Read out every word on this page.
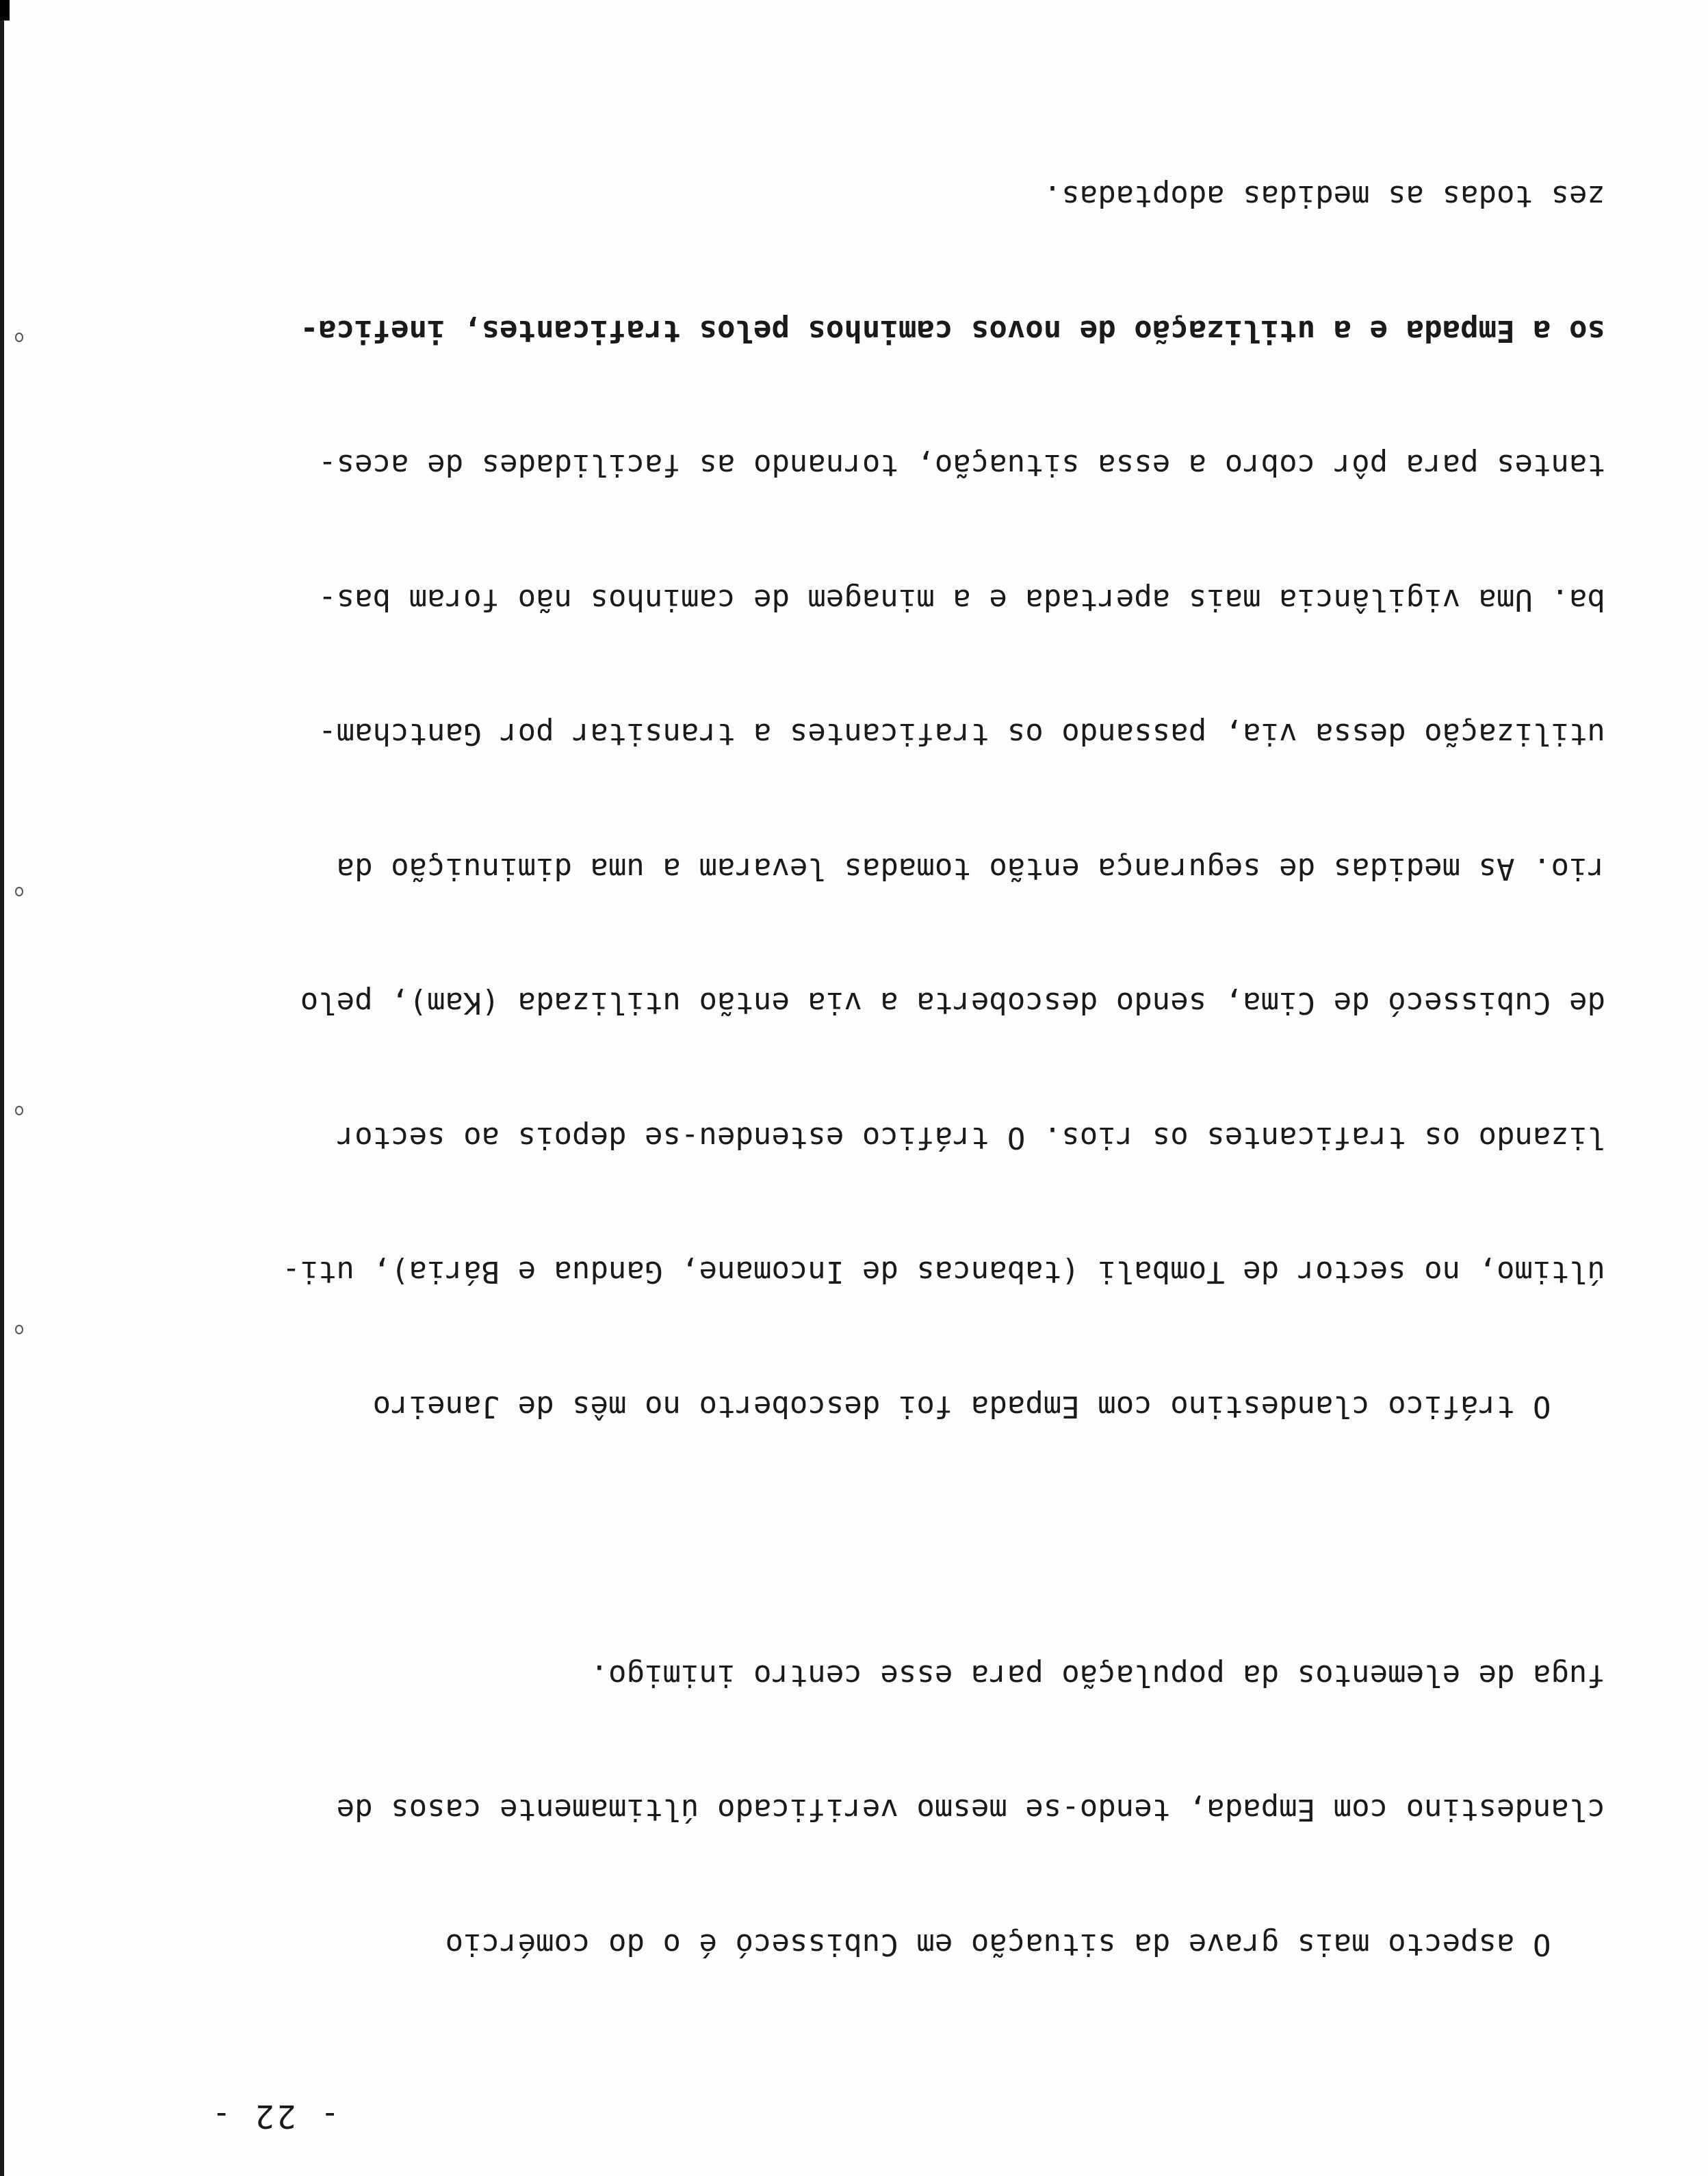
- 22 -

O aspecto mais grave da situação em Cubissecó é o do comércio

clandestino com Empada, tendo-se mesmo verificado últimamente casos de

fuga de elementos da população para esse centro inimigo.

O tráfico clandestino com Empada foi descoberto no mês de Janeiro

último, no sector de Tombali (tabancas de Incomane, Gandua e Bária), uti-

lizando os traficantes os rios. O tráfico estendeu-se depois ao sector

de Cubissecó de Cima, sendo descoberta a via então utilizada (Kam), pelo

rio. As medidas de segurança então tomadas levaram a uma diminuição da

utilização dessa via, passando os traficantes a transitar por Gantcham-

ba. Uma vigilância mais apertada e a minagem de caminhos não foram bas-

tantes para pôr cobro a essa situação, tornando as facilidades de aces-

so a Empada e a utilização de novos caminhos pelos traficantes, inefica-

zes todas as medidas adoptadas.
